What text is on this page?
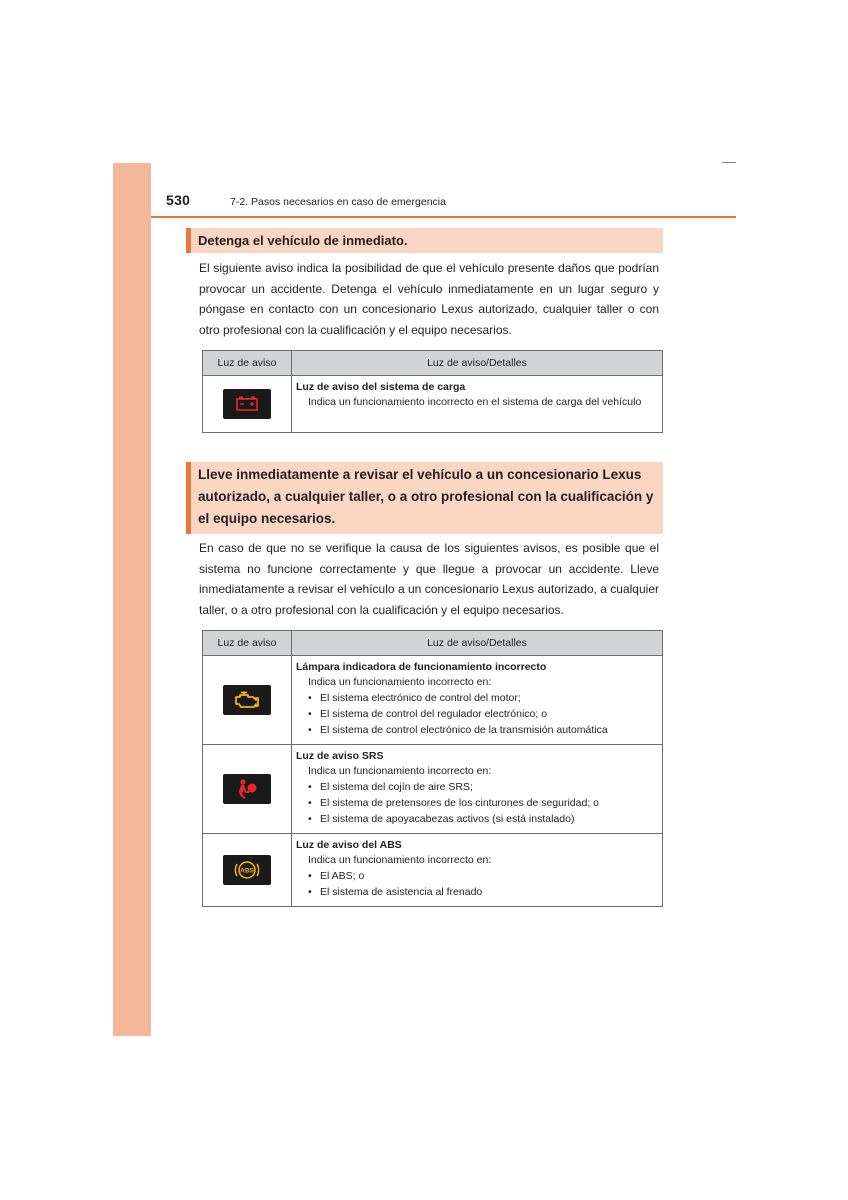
530	7-2. Pasos necesarios en caso de emergencia
Detenga el vehículo de inmediato.
El siguiente aviso indica la posibilidad de que el vehículo presente daños que podrían provocar un accidente. Detenga el vehículo inmediatamente en un lugar seguro y póngase en contacto con un concesionario Lexus autorizado, cualquier taller o con otro profesional con la cualificación y el equipo necesarios.
Luz de aviso	Luz de aviso/Detalles

Luz de aviso del sistema de carga
Indica un funcionamiento incorrecto en el sistema de carga del vehículo
Lleve inmediatamente a revisar el vehículo a un concesionario Lexus autorizado, a cualquier taller, o a otro profesional con la cualificación y el equipo necesarios.
En caso de que no se verifique la causa de los siguientes avisos, es posible que el sistema no funcione correctamente y que llegue a provocar un accidente. Lleve inmediatamente a revisar el vehículo a un concesionario Lexus autorizado, a cualquier taller, o a otro profesional con la cualificación y el equipo necesarios.
Luz de aviso	Luz de aviso/Detalles

Lámpara indicadora de funcionamiento incorrecto
Indica un funcionamiento incorrecto en:
• El sistema electrónico de control del motor;
• El sistema de control del regulador electrónico; o
• El sistema de control electrónico de la transmisión automática

Luz de aviso SRS
Indica un funcionamiento incorrecto en:
• El sistema del cojín de aire SRS;
• El sistema de pretensores de los cinturones de seguridad; o
• El sistema de apoyacabezas activos (si está instalado)

ABS	Luz de aviso del ABS
Indica un funcionamiento incorrecto en:
• El ABS; o
• El sistema de asistencia al frenado
